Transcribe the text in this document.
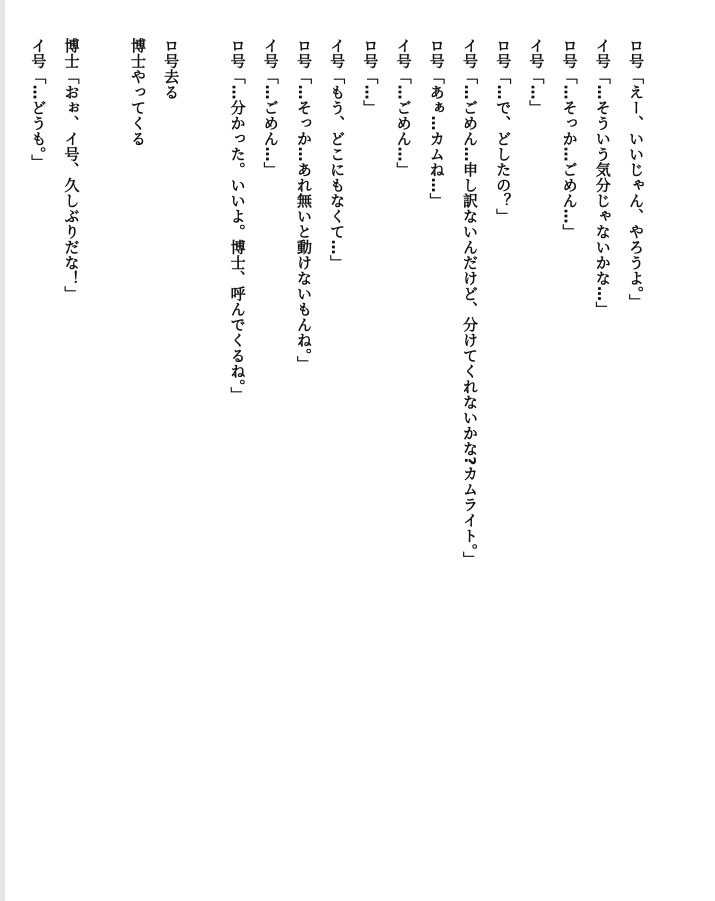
ロ号「えー、いいじゃん、やろうよ。」
イ号「…そういう気分じゃないかな…」
ロ号「…そっか…ごめん…」
イ号「…」
ロ号「…で、どしたの？」
イ号「…ごめん…申し訳ないんだけど、分けてくれないかな?カムライト。」
ロ号「あぁ…カムね…」
イ号「…ごめん…」
ロ号「…」
イ号「もう、どこにもなくて…」
ロ号「…そっか…あれ無いと動けないもんね。」
イ号「…ごめん…」
ロ号「…分かった。いいよ。博士、呼んでくるね。」
ロ号去る
博士やってくる
博士「おぉ、イ号、久しぶりだな！」
イ号「…どうも。」
